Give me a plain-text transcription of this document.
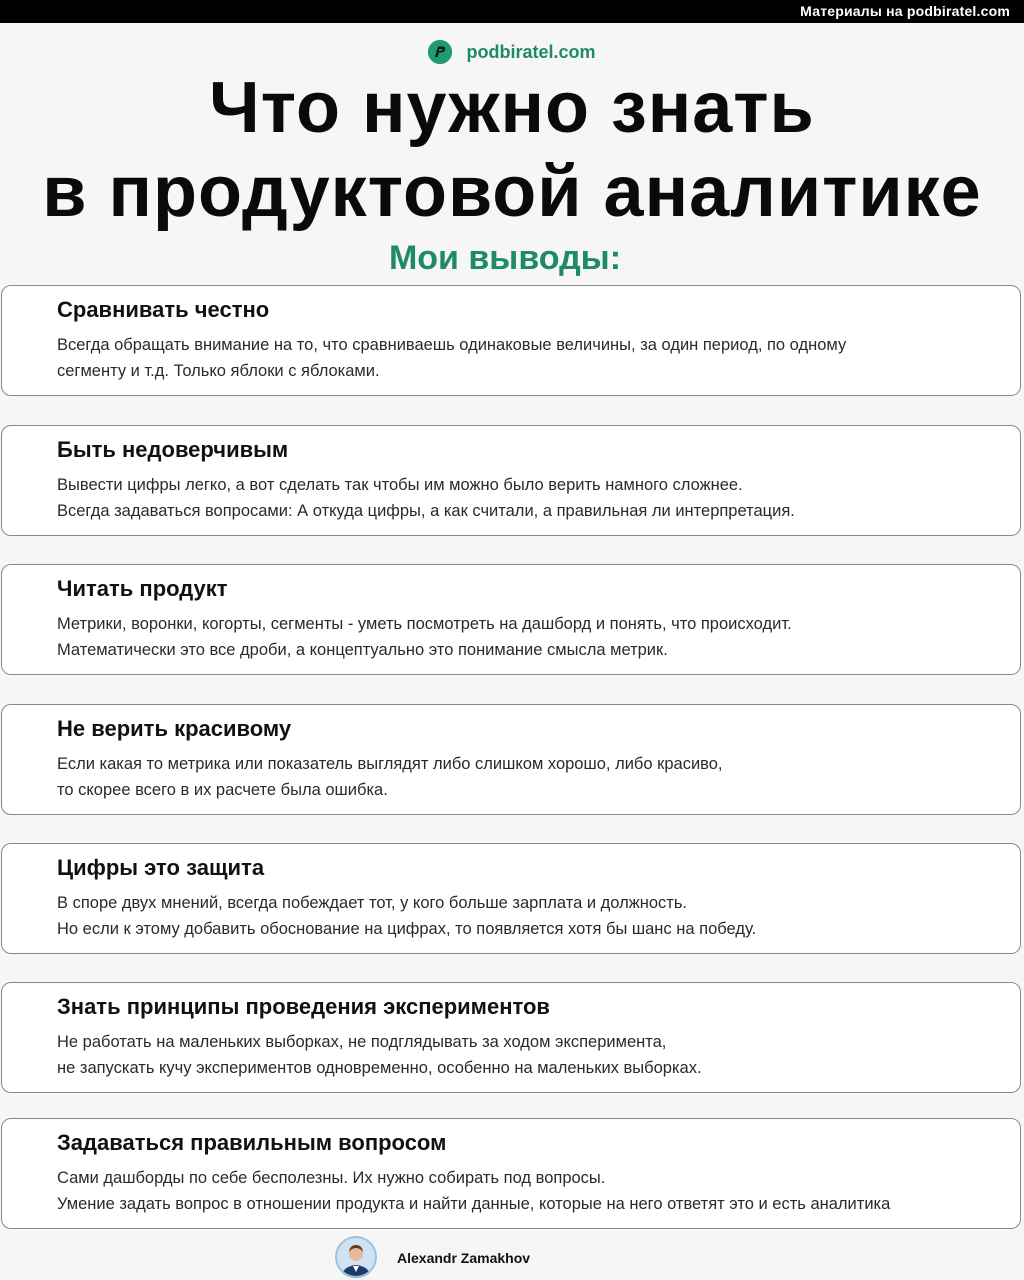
Материалы на podbiratel.com
podbiratel.com
Что нужно знать
в продуктовой аналитике
Мои выводы:
Сравнивать честно
Всегда обращать внимание на то, что сравниваешь одинаковые величины, за один период, по одному
сегменту и т.д. Только яблоки с яблоками.
Быть недоверчивым
Вывести цифры легко, а вот сделать так чтобы им можно было верить намного сложнее.
Всегда задаваться вопросами: А откуда цифры, а как считали, а правильная ли интерпретация.
Читать продукт
Метрики, воронки, когорты, сегменты - уметь посмотреть на дашборд и понять, что происходит.
Математически это все дроби, а концептуально это понимание смысла метрик.
Не верить красивому
Если какая то метрика или показатель выглядят либо слишком хорошо, либо красиво,
то скорее всего в их расчете была ошибка.
Цифры это защита
В споре двух мнений, всегда побеждает тот, у кого больше зарплата и должность.
Но если к этому добавить обоснование на цифрах, то появляется хотя бы шанс на победу.
Знать принципы проведения экспериментов
Не работать на маленьких выборках, не подглядывать за ходом эксперимента,
не запускать кучу экспериментов одновременно, особенно на маленьких выборках.
Задаваться правильным вопросом
Сами дашборды по себе бесполезны. Их нужно собирать под вопросы.
Умение задать вопрос в отношении продукта и найти данные, которые на него ответят это и есть аналитика
Alexandr Zamakhov
